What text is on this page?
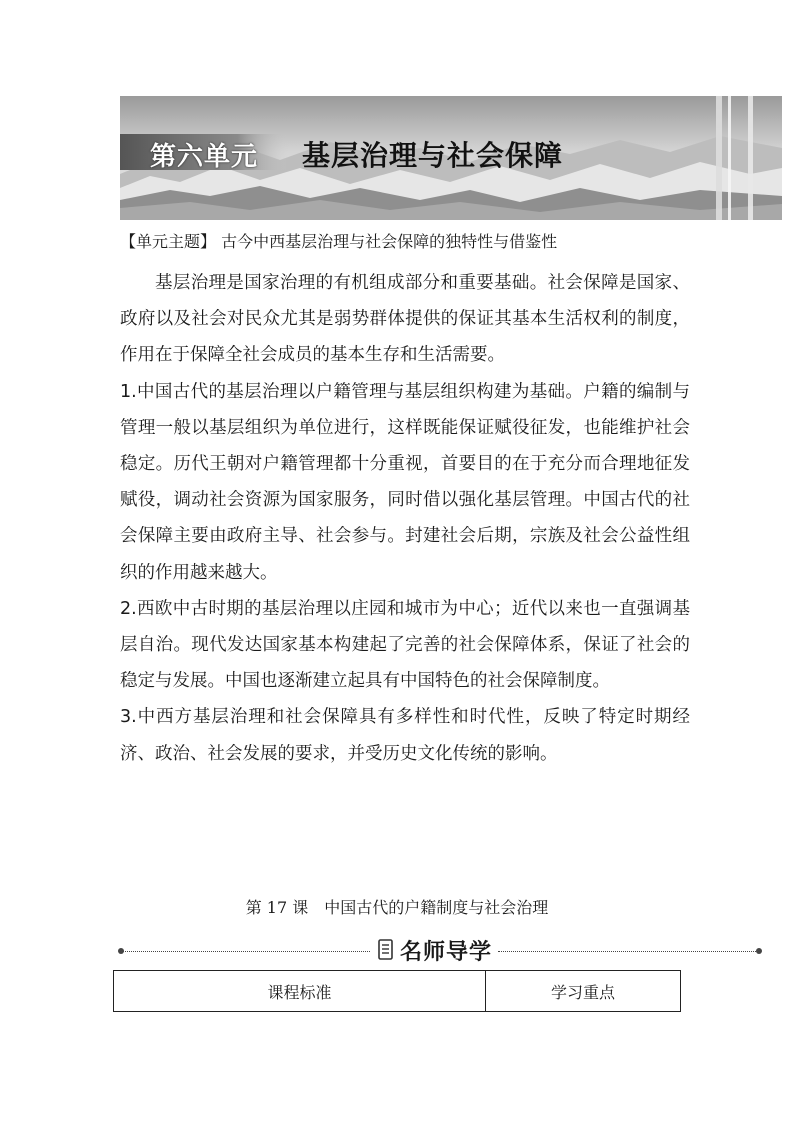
第六单元 基层治理与社会保障
【单元主题】 古今中西基层治理与社会保障的独特性与借鉴性

基层治理是国家治理的有机组成部分和重要基础。社会保障是国家、政府以及社会对民众尤其是弱势群体提供的保证其基本生活权利的制度，作用在于保障全社会成员的基本生存和生活需要。

1.中国古代的基层治理以户籍管理与基层组织构建为基础。户籍的编制与管理一般以基层组织为单位进行，这样既能保证赋役征发，也能维护社会稳定。历代王朝对户籍管理都十分重视，首要目的在于充分而合理地征发赋役，调动社会资源为国家服务，同时借以强化基层管理。中国古代的社会保障主要由政府主导、社会参与。封建社会后期，宗族及社会公益性组织的作用越来越大。

2.西欧中古时期的基层治理以庄园和城市为中心；近代以来也一直强调基层自治。现代发达国家基本构建起了完善的社会保障体系，保证了社会的稳定与发展。中国也逐渐建立起具有中国特色的社会保障制度。

3.中西方基层治理和社会保障具有多样性和时代性，反映了特定时期经济、政治、社会发展的要求，并受历史文化传统的影响。

第 17 课 中国古代的户籍制度与社会治理
名师导学
课程标准	学习重点
